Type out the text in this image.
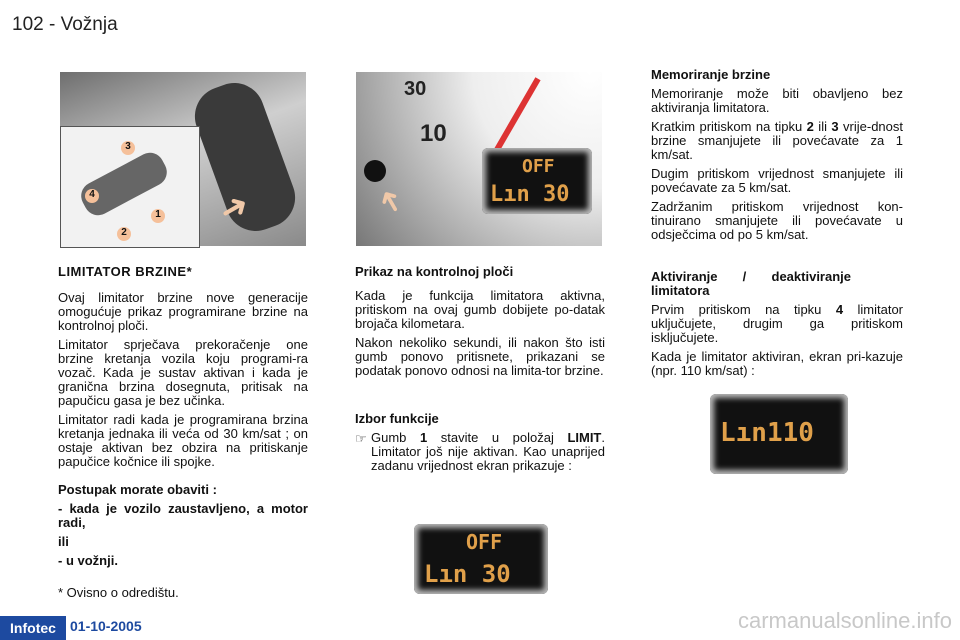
102 - Vožnja
3
4
1
2
➜
30
10
➜
OFF
Lın 30

LIMITATOR BRZINE*

Ovaj limitator brzine nove generacije omogućuje prikaz programirane brzine na kontrolnoj ploči.

Limitator sprječava prekoračenje one brzine kretanja vozila koju programi-ra vozač. Kada je sustav aktivan i kada je granična brzina dosegnuta, pritisak na papučicu gasa je bez učinka.

Limitator radi kada je programirana brzina kretanja jednaka ili veća od 30 km/sat ; on ostaje aktivan bez obzira na pritiskanje papučice kočnice ili spojke.

Postupak morate obaviti :

- kada je vozilo zaustavljeno, a motor radi,

ili

- u vožnji.

* Ovisno o odredištu.

Prikaz na kontrolnoj ploči

Kada je funkcija limitatora aktivna, pritiskom na ovaj gumb dobijete po-datak brojača kilometara.

Nakon nekoliko sekundi, ili nakon što isti gumb ponovo pritisnete, prikazani se podatak ponovo odnosi na limita-tor brzine.

Izbor funkcije

☞ Gumb 1 stavite u položaj LIMIT. Limitator još nije aktivan. Kao unaprijed zadanu vrijednost ekran prikazuje :

OFF
Lın 30

Memoriranje brzine

Memoriranje može biti obavljeno bez aktiviranja limitatora.

Kratkim pritiskom na tipku 2 ili 3 vrije-dnost brzine smanjujete ili povećavate za 1 km/sat.

Dugim pritiskom vrijednost smanjujete ili povećavate za 5 km/sat.

Zadržanim pritiskom vrijednost kon-tinuirano smanjujete ili povećavate u odsječcima od po 5 km/sat.

Aktiviranje / deaktiviranje limitatora

Prvim pritiskom na tipku 4 limitator uključujete, drugim ga pritiskom isključujete.

Kada je limitator aktiviran, ekran pri-kazuje (npr. 110 km/sat) :

Lın110
Infotec	01-10-2005	carmanualsonline.info
